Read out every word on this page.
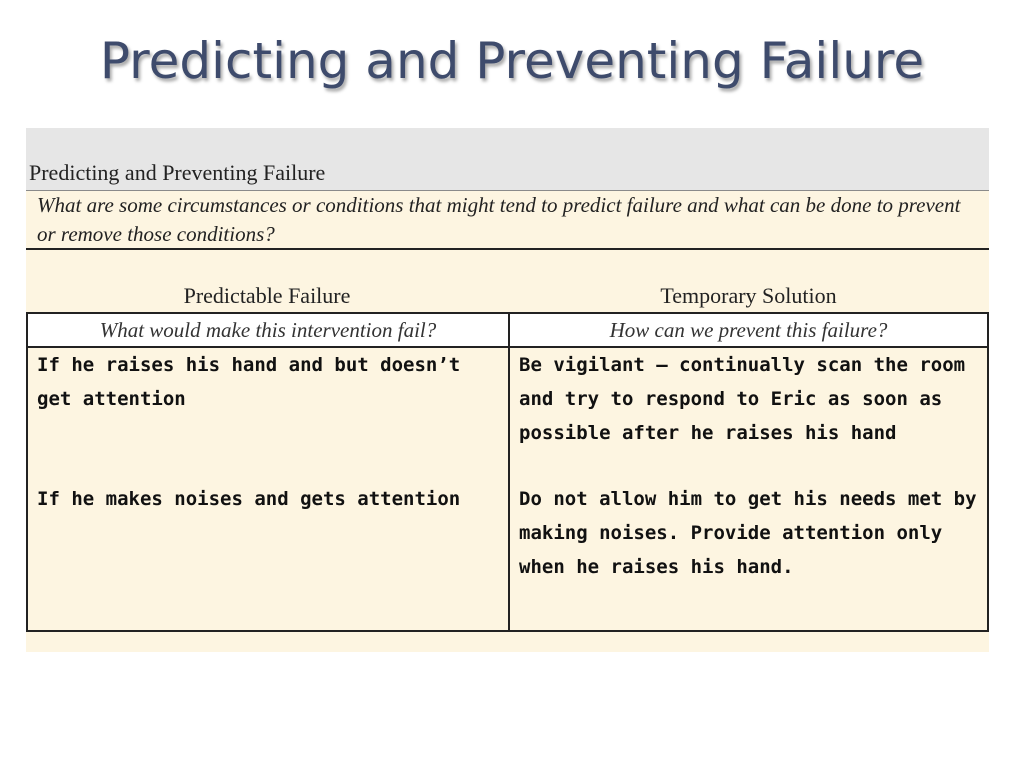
Predicting and Preventing Failure
Predicting and Preventing Failure
What are some circumstances or conditions that might tend to predict failure and what can be done to prevent or remove those conditions?
Predictable Failure	Temporary Solution
What would make this intervention fail?	How can we prevent this failure?
If he raises his hand and but doesn’t get attention
If he makes noises and gets attention
Be vigilant – continually scan the room and try to respond to Eric as soon as possible after he raises his hand
Do not allow him to get his needs met by making noises. Provide attention only when he raises his hand.
